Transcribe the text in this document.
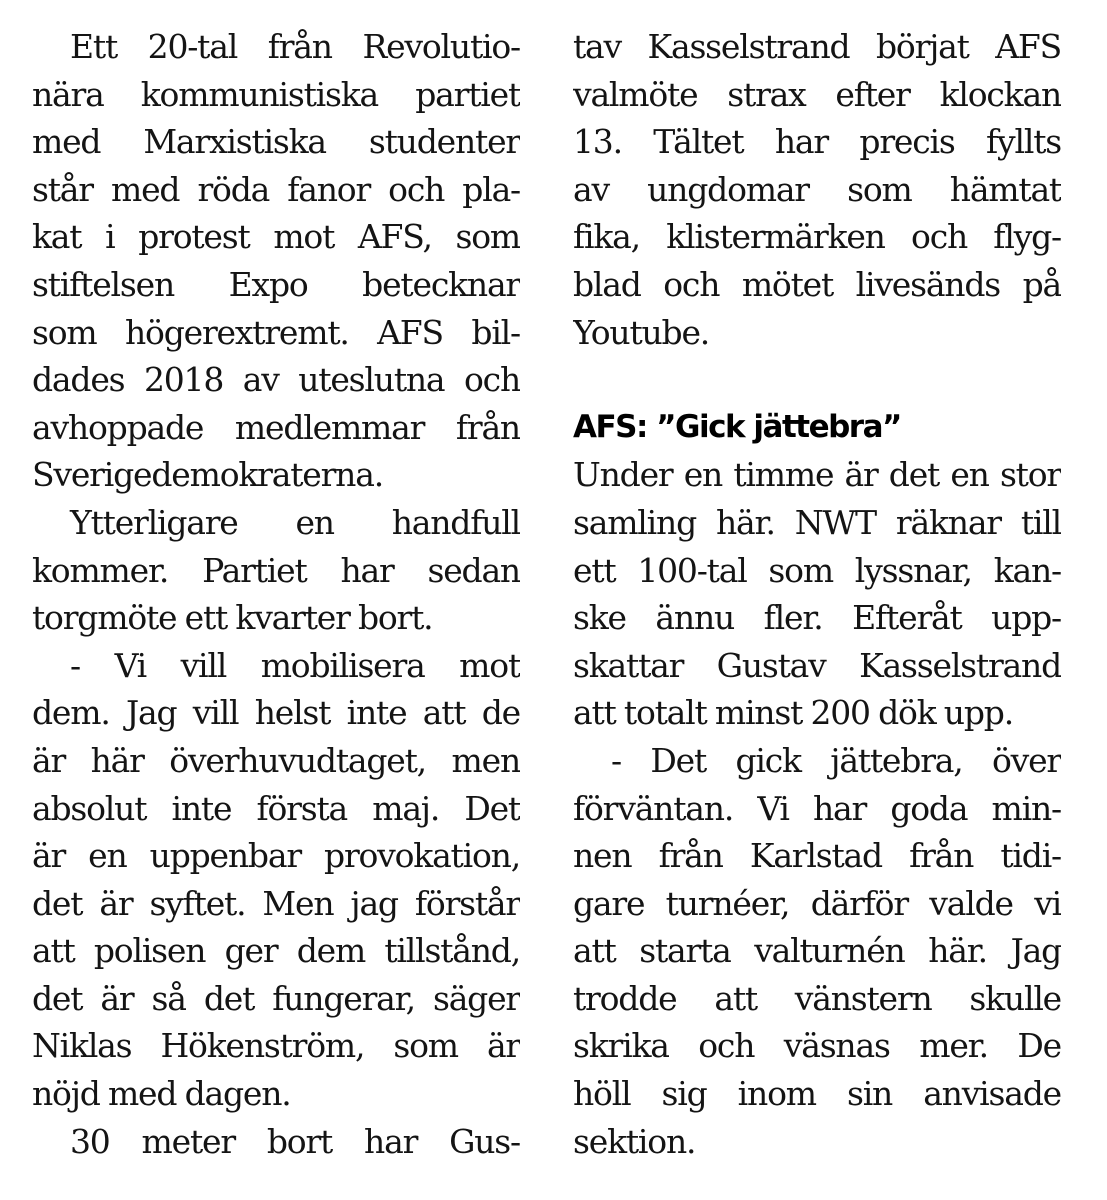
Ett 20-tal från Revolutio-
nära kommunistiska partiet
med Marxistiska studenter
står med röda fanor och pla-
kat i protest mot AFS, som
stiftelsen Expo betecknar
som högerextremt. AFS bil-
dades 2018 av uteslutna och
avhoppade medlemmar från
Sverigedemokraterna.
Ytterligare en handfull
kommer. Partiet har sedan
torgmöte ett kvarter bort.
- Vi vill mobilisera mot
dem. Jag vill helst inte att de
är här överhuvudtaget, men
absolut inte första maj. Det
är en uppenbar provokation,
det är syftet. Men jag förstår
att polisen ger dem tillstånd,
det är så det fungerar, säger
Niklas Hökenström, som är
nöjd med dagen.
30 meter bort har Gus-
tav Kasselstrand börjat AFS
valmöte strax efter klockan
13. Tältet har precis fyllts
av ungdomar som hämtat
fika, klistermärken och flyg-
blad och mötet livesänds på
Youtube.
AFS: ”Gick jättebra”
Under en timme är det en stor
samling här. NWT räknar till
ett 100-tal som lyssnar, kan-
ske ännu fler. Efteråt upp-
skattar Gustav Kasselstrand
att totalt minst 200 dök upp.
- Det gick jättebra, över
förväntan. Vi har goda min-
nen från Karlstad från tidi-
gare turnéer, därför valde vi
att starta valturnén här. Jag
trodde att vänstern skulle
skrika och väsnas mer. De
höll sig inom sin anvisade
sektion.
